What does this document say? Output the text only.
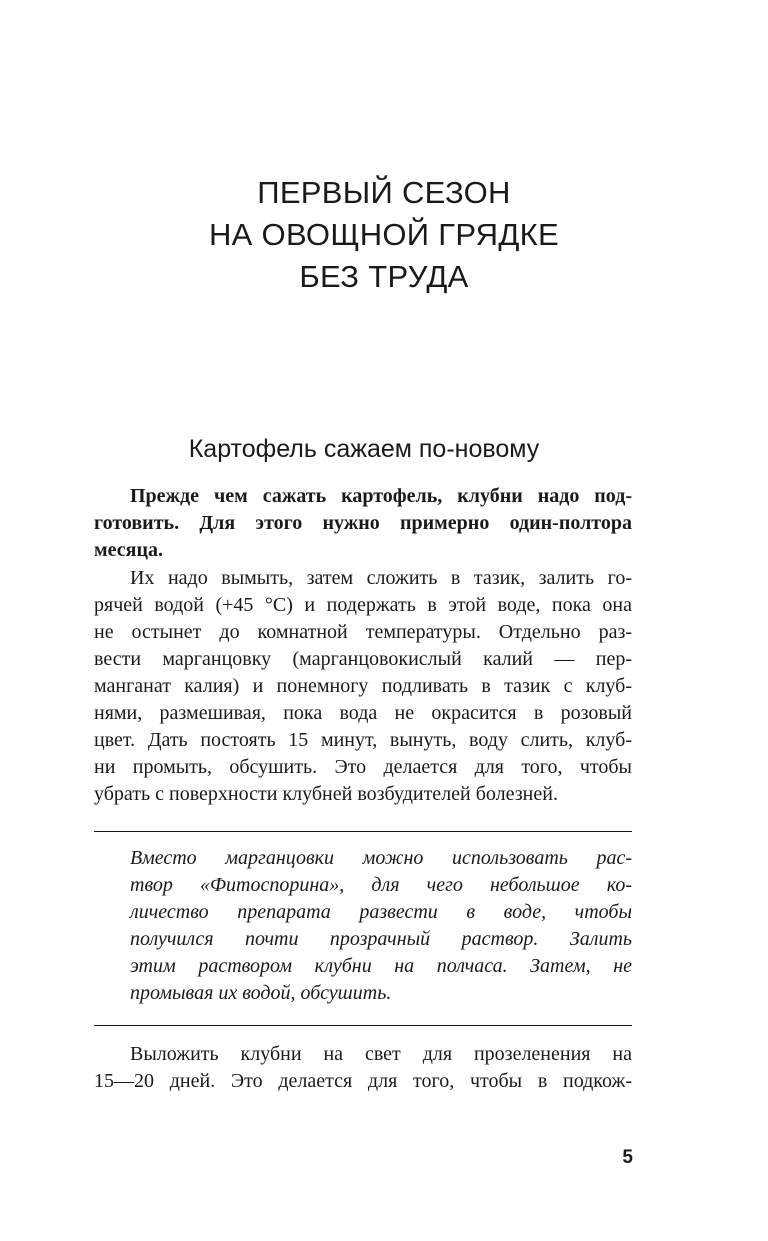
ПЕРВЫЙ СЕЗОН
НА ОВОЩНОЙ ГРЯДКЕ
БЕЗ ТРУДА
Картофель сажаем по-новому
Прежде чем сажать картофель, клубни надо под-
готовить. Для этого нужно примерно один-полтора
месяца.
Их надо вымыть, затем сложить в тазик, залить го-
рячей водой (+45 °С) и подержать в этой воде, пока она
не остынет до комнатной температуры. Отдельно раз-
вести марганцовку (марганцовокислый калий — пер-
манганат калия) и понемногу подливать в тазик с клуб-
нями, размешивая, пока вода не окрасится в розовый
цвет. Дать постоять 15 минут, вынуть, воду слить, клуб-
ни промыть, обсушить. Это делается для того, чтобы
убрать с поверхности клубней возбудителей болезней.
Вместо марганцовки можно использовать рас-
твор «Фитоспорина», для чего небольшое ко-
личество препарата развести в воде, чтобы
получился почти прозрачный раствор. Залить
этим раствором клубни на полчаса. Затем, не
промывая их водой, обсушить.
Выложить клубни на свет для прозеленения на
15—20 дней. Это делается для того, чтобы в подкож-
5
